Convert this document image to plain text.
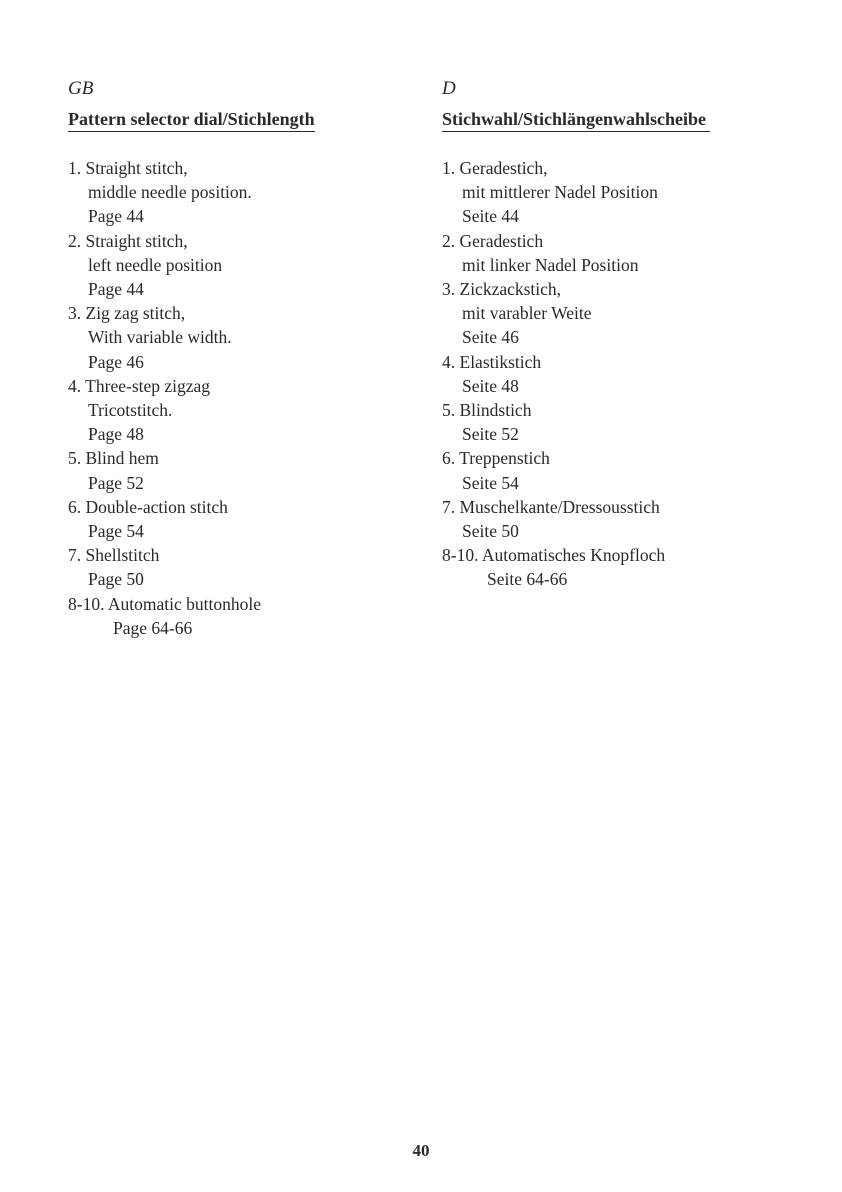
GB

Pattern selector dial/Stichlength
1. Straight stitch,
middle needle position.
Page 44
2. Straight stitch,
left needle position
Page 44
3. Zig zag stitch,
With variable width.
Page 46
4. Three-step zigzag
Tricotstitch.
Page 48
5. Blind hem
Page 52
6. Double-action stitch
Page 54
7. Shellstitch
Page 50
8-10. Automatic buttonhole
Page 64-66

D

Stichwahl/Stichlängenwahlscheibe
1. Geradestich,
mit mittlerer Nadel Position
Seite 44
2. Geradestich
mit linker Nadel Position
3. Zickzackstich,
mit varabler Weite
Seite 46
4. Elastikstich
Seite 48
5. Blindstich
Seite 52
6. Treppenstich
Seite 54
7. Muschelkante/Dressousstich
Seite 50
8-10. Automatisches Knopfloch
Seite 64-66
40
